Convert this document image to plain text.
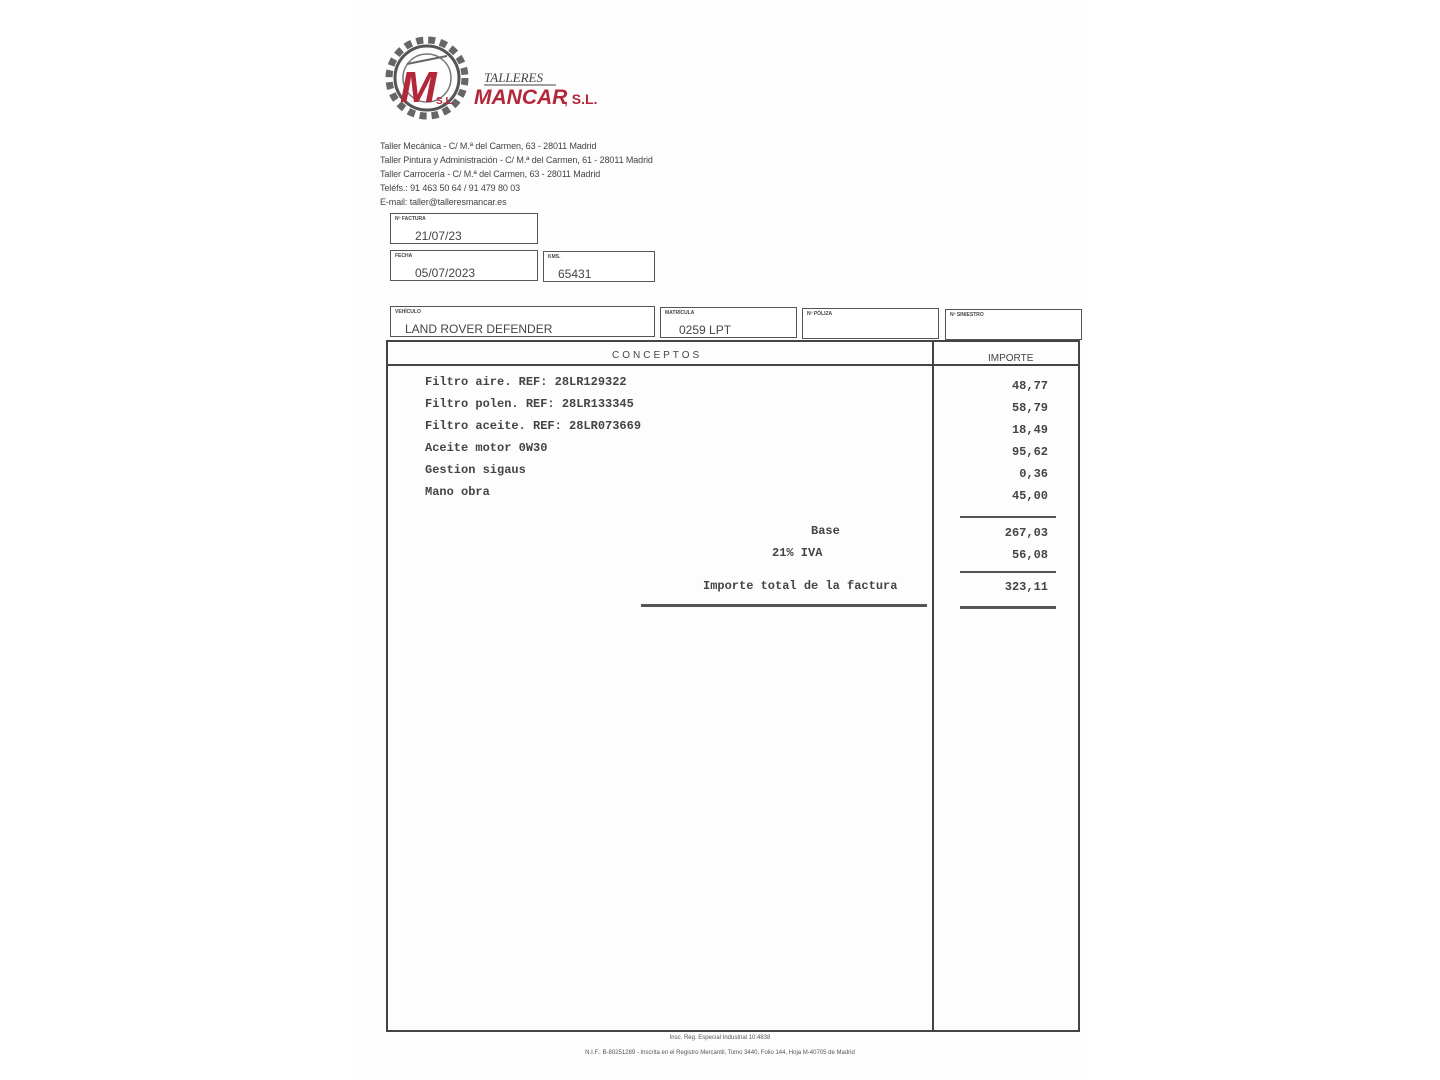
M S.L.
TALLERES
MANCAR
, S.L.
Taller Mecánica - C/ M.ª del Carmen, 63 - 28011 Madrid
Taller Pintura y Administración - C/ M.ª del Carmen, 61 - 28011 Madrid
Taller Carrocería - C/ M.ª del Carmen, 63 - 28011 Madrid
Teléfs.: 91 463 50 64 / 91 479 80 03
E-mail: taller@talleresmancar.es
Nº FACTURA
21/07/23
FECHA
05/07/2023
KMS.
65431
VEHÍCULO
LAND ROVER DEFENDER
MATRÍCULA
0259 LPT
Nº PÓLIZA	Nº SINIESTRO
CONCEPTOS	IMPORTE
Filtro aire. REF: 28LR129322	48,77
Filtro polen. REF: 28LR133345	58,79
Filtro aceite. REF: 28LR073669	18,49
Aceite motor 0W30	95,62
Gestion sigaus	0,36
Mano obra	45,00
Base	267,03
21% IVA	56,08
Importe total de la factura	323,11
Insc. Reg. Especial Industrial 10.4838
N.I.F.: B-80251289 - Inscrita en el Registro Mercantil, Tomo 3440, Folio 144, Hoja M-40705 de Madrid
